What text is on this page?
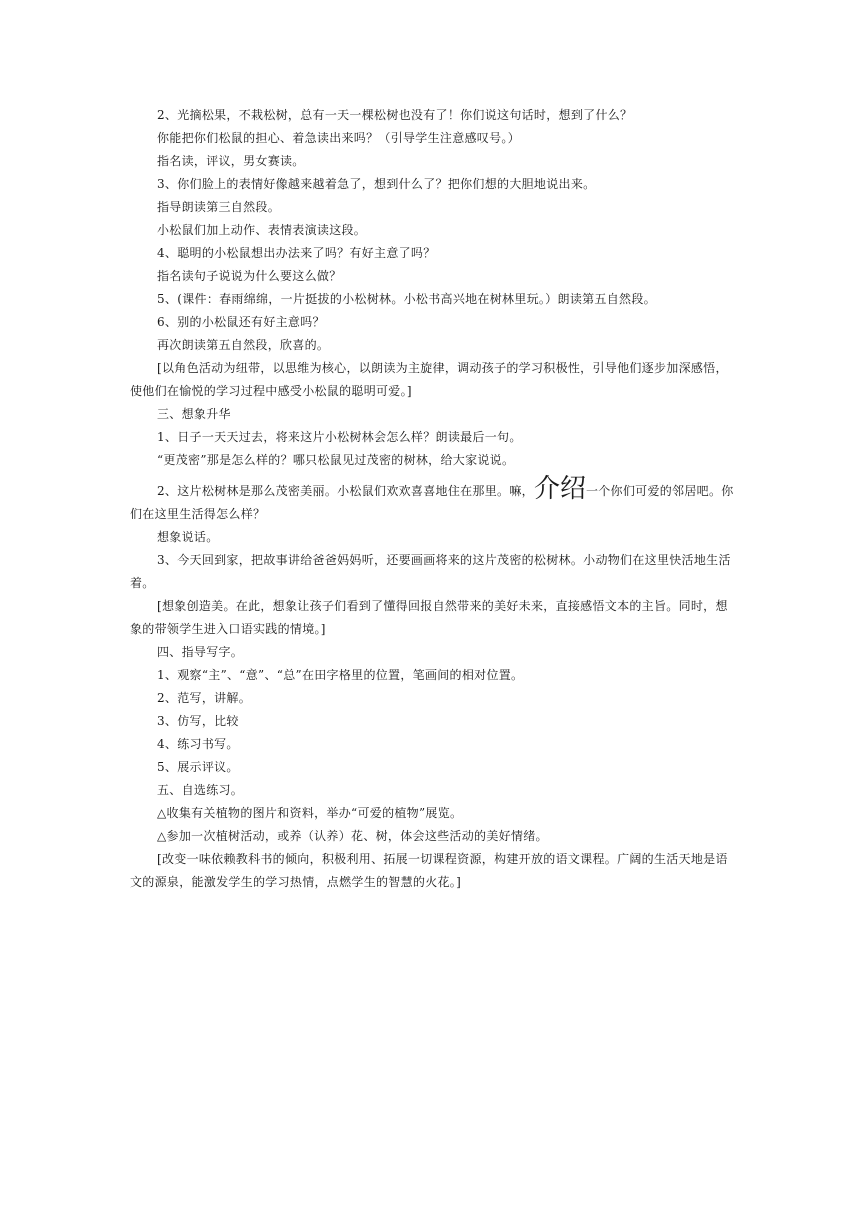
2、光摘松果，不栽松树，总有一天一棵松树也没有了！你们说这句话时，想到了什么？

你能把你们松鼠的担心、着急读出来吗？（引导学生注意感叹号。）

指名读，评议，男女赛读。

3、你们脸上的表情好像越来越着急了，想到什么了？把你们想的大胆地说出来。

指导朗读第三自然段。

小松鼠们加上动作、表情表演读这段。

4、聪明的小松鼠想出办法来了吗？有好主意了吗？

指名读句子说说为什么要这么做？

5、(课件：春雨绵绵，一片挺拔的小松树林。小松书高兴地在树林里玩。）朗读第五自然段。

6、别的小松鼠还有好主意吗？

再次朗读第五自然段，欣喜的。

[以角色活动为纽带，以思维为核心，以朗读为主旋律，调动孩子的学习积极性，引导他们逐步加深感悟，使他们在愉悦的学习过程中感受小松鼠的聪明可爱。]

三、想象升华

1、日子一天天过去，将来这片小松树林会怎么样？朗读最后一句。

“更茂密”那是怎么样的？哪只松鼠见过茂密的树林，给大家说说。

2、这片松树林是那么茂密美丽。小松鼠们欢欢喜喜地住在那里。嘛，介绍一个你们可爱的邻居吧。你们在这里生活得怎么样？

想象说话。

3、今天回到家，把故事讲给爸爸妈妈听，还要画画将来的这片茂密的松树林。小动物们在这里快活地生活着。

[想象创造美。在此，想象让孩子们看到了懂得回报自然带来的美好未来，直接感悟文本的主旨。同时，想象的带领学生进入口语实践的情境。]

四、指导写字。

1、观察“主”、“意”、“总”在田字格里的位置，笔画间的相对位置。

2、范写，讲解。

3、仿写，比较

4、练习书写。

5、展示评议。

五、自选练习。

△收集有关植物的图片和资料，举办“可爱的植物”展览。

△参加一次植树活动，或养（认养）花、树，体会这些活动的美好情绪。

[改变一味依赖教科书的倾向，积极利用、拓展一切课程资源，构建开放的语文课程。广阔的生活天地是语文的源泉，能激发学生的学习热情，点燃学生的智慧的火花。]
